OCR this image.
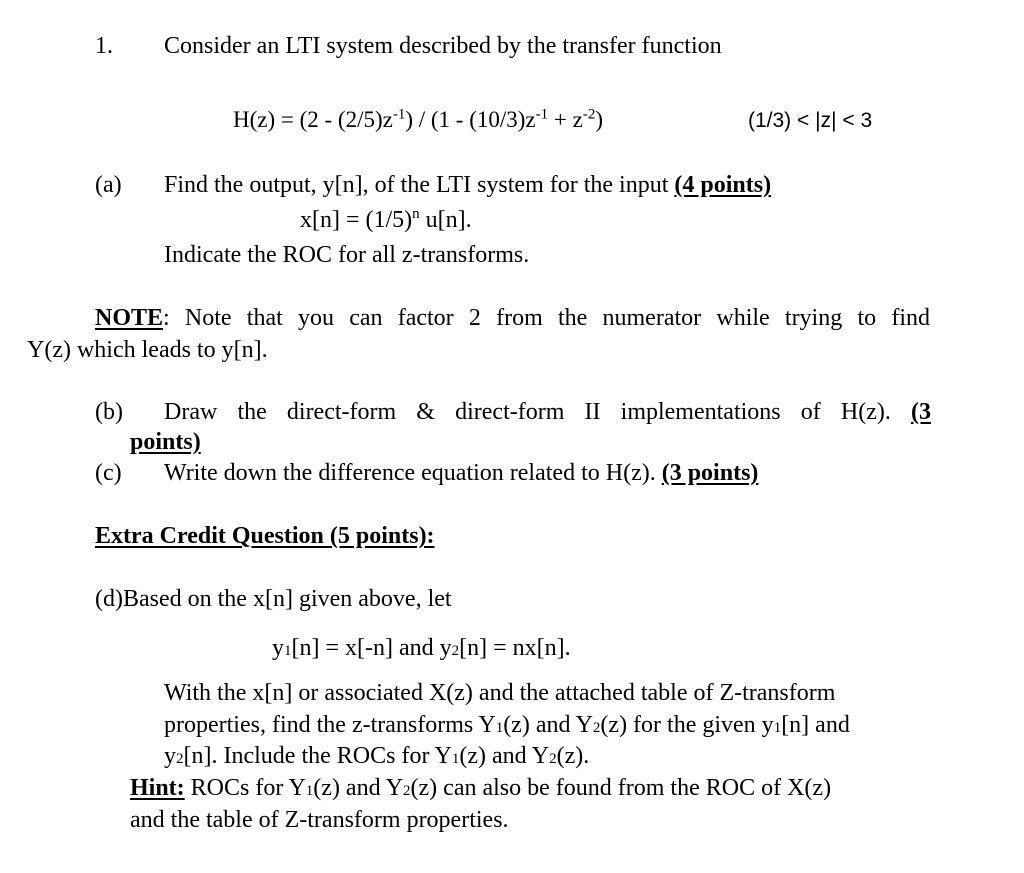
1. Consider an LTI system described by the transfer function
$H(z) = (2 - (2/5)z^{-1}) / (1 - (10/3)z^{-1} + z^{-2})$	(1/3) < |z| < 3
(a) Find the output, y[n], of the LTI system for the input (4 points)
$x[n] = (1/5)^n$ u[n].
Indicate the ROC for all z-transforms.
NOTE: Note that you can factor 2 from the numerator while trying to find
Y(z) which leads to y[n].
(b) Draw the direct-form & direct-form II implementations of H(z). (3
points)
(c) Write down the difference equation related to H(z). (3 points)
Extra Credit Question (5 points):
(d)Based on the x[n] given above, let
y1[n] = x[-n] and y2[n] = nx[n].
With the x[n] or associated X(z) and the attached table of Z-transform
properties, find the z-transforms Y1(z) and Y2(z) for the given y1[n] and
y2[n]. Include the ROCs for Y1(z) and Y2(z).
Hint: ROCs for Y1(z) and Y2(z) can also be found from the ROC of X(z)
and the table of Z-transform properties.
